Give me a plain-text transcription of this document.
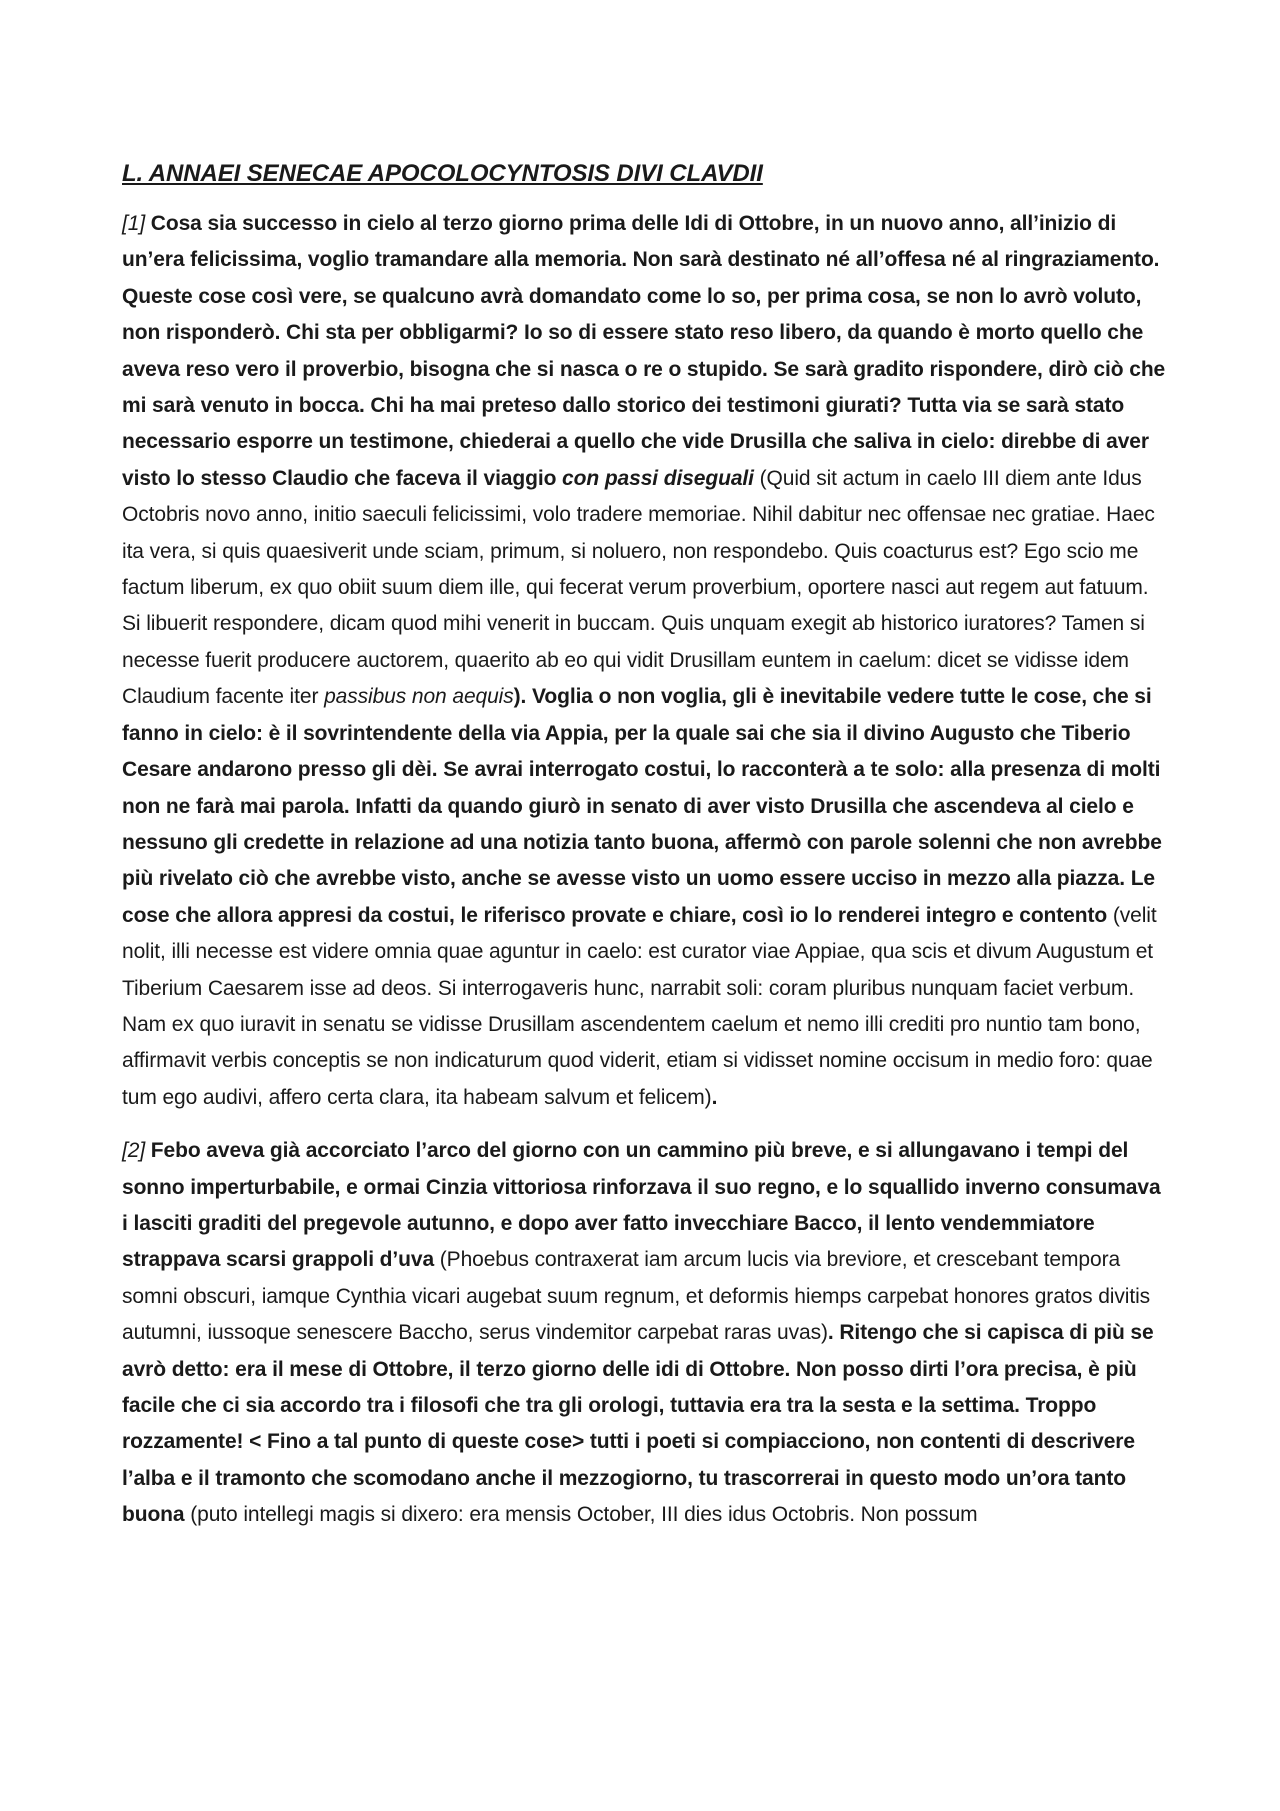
L. ANNAEI SENECAE APOCOLOCYNTOSIS DIVI CLAVDII

[1] Cosa sia successo in cielo al terzo giorno prima delle Idi di Ottobre, in un nuovo anno, all’inizio di un’era felicissima, voglio tramandare alla memoria. Non sarà destinato né all’offesa né al ringraziamento. Queste cose così vere, se qualcuno avrà domandato come lo so, per prima cosa, se non lo avrò voluto, non risponderò. Chi sta per obbligarmi? Io so di essere stato reso libero, da quando è morto quello che aveva reso vero il proverbio, bisogna che si nasca o re o stupido. Se sarà gradito rispondere, dirò ciò che mi sarà venuto in bocca. Chi ha mai preteso dallo storico dei testimoni giurati? Tutta via se sarà stato necessario esporre un testimone, chiederai a quello che vide Drusilla che saliva in cielo: direbbe di aver visto lo stesso Claudio che faceva il viaggio con passi diseguali (Quid sit actum in caelo III diem ante Idus Octobris novo anno, initio saeculi felicissimi, volo tradere memoriae. Nihil dabitur nec offensae nec gratiae. Haec ita vera, si quis quaesiverit unde sciam, primum, si noluero, non respondebo. Quis coacturus est? Ego scio me factum liberum, ex quo obiit suum diem ille, qui fecerat verum proverbium, oportere nasci aut regem aut fatuum. Si libuerit respondere, dicam quod mihi venerit in buccam. Quis unquam exegit ab historico iuratores? Tamen si necesse fuerit producere auctorem, quaerito ab eo qui vidit Drusillam euntem in caelum: dicet se vidisse idem Claudium facente iter passibus non aequis). Voglia o non voglia, gli è inevitabile vedere tutte le cose, che si fanno in cielo: è il sovrintendente della via Appia, per la quale sai che sia il divino Augusto che Tiberio Cesare andarono presso gli dèi. Se avrai interrogato costui, lo racconterà a te solo: alla presenza di molti non ne farà mai parola. Infatti da quando giurò in senato di aver visto Drusilla che ascendeva al cielo e nessuno gli credette in relazione ad una notizia tanto buona, affermò con parole solenni che non avrebbe più rivelato ciò che avrebbe visto, anche se avesse visto un uomo essere ucciso in mezzo alla piazza. Le cose che allora appresi da costui, le riferisco provate e chiare, così io lo renderei integro e contento (velit nolit, illi necesse est videre omnia quae aguntur in caelo: est curator viae Appiae, qua scis et divum Augustum et Tiberium Caesarem isse ad deos. Si interrogaveris hunc, narrabit soli: coram pluribus nunquam faciet verbum. Nam ex quo iuravit in senatu se vidisse Drusillam ascendentem caelum et nemo illi crediti pro nuntio tam bono, affirmavit verbis conceptis se non indicaturum quod viderit, etiam si vidisset nomine occisum in medio foro: quae tum ego audivi, affero certa clara, ita habeam salvum et felicem).

[2] Febo aveva già accorciato l’arco del giorno con un cammino più breve, e si allungavano i tempi del sonno imperturbabile, e ormai Cinzia vittoriosa rinforzava il suo regno, e lo squallido inverno consumava i lasciti graditi del pregevole autunno, e dopo aver fatto invecchiare Bacco, il lento vendemmiatore strappava scarsi grappoli d’uva (Phoebus contraxerat iam arcum lucis via breviore, et crescebant tempora somni obscuri, iamque Cynthia vicari augebat suum regnum, et deformis hiemps carpebat honores gratos divitis autumni, iussoque senescere Baccho, serus vindemitor carpebat raras uvas). Ritengo che si capisca di più se avrò detto: era il mese di Ottobre, il terzo giorno delle idi di Ottobre. Non posso dirti l’ora precisa, è più facile che ci sia accordo tra i filosofi che tra gli orologi, tuttavia era tra la sesta e la settima. Troppo rozzamente! < Fino a tal punto di queste cose> tutti i poeti si compiacciono, non contenti di descrivere l’alba e il tramonto che scomodano anche il mezzogiorno, tu trascorrerai in questo modo un’ora tanto buona (puto intellegi magis si dixero: era mensis October, III dies idus Octobris. Non possum
